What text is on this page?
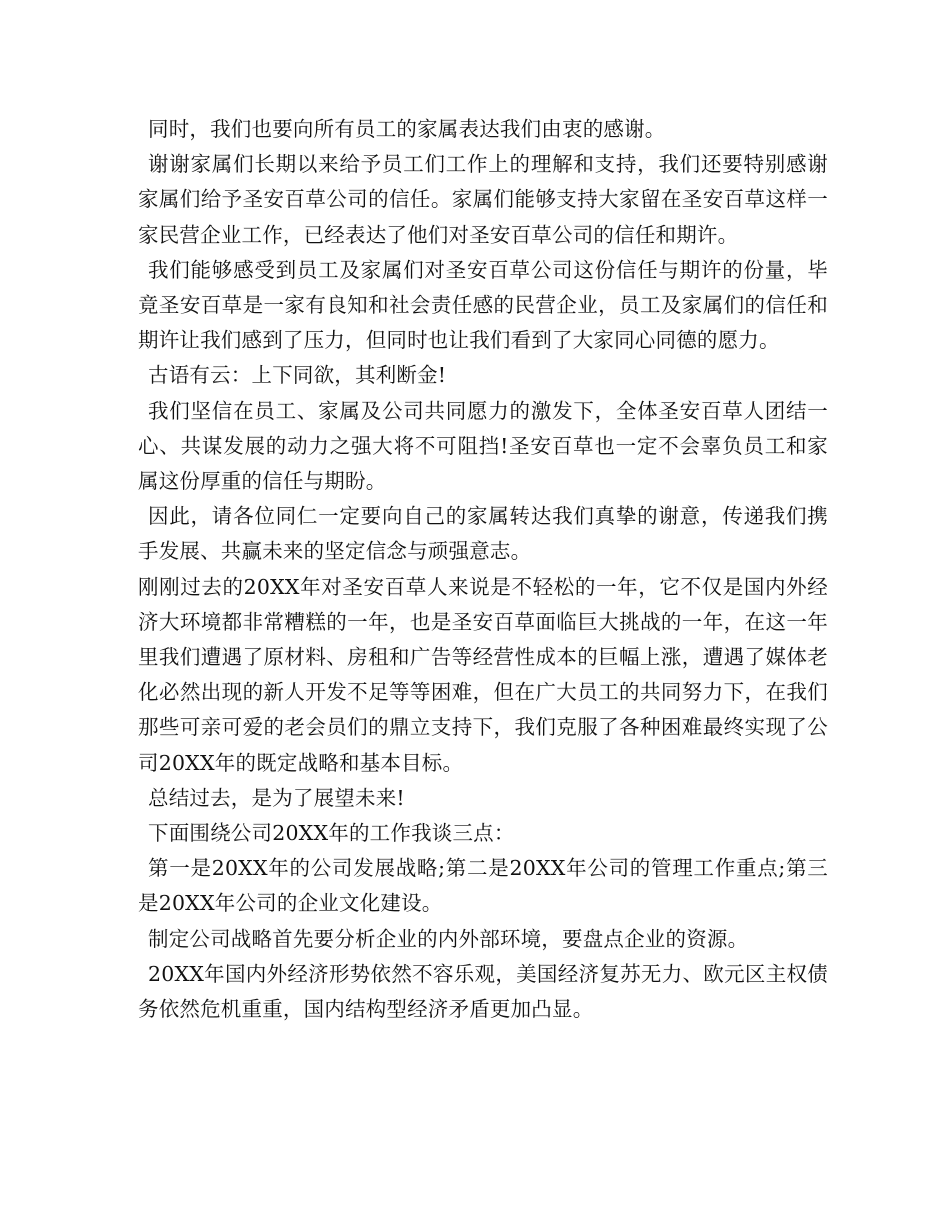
同时，我们也要向所有员工的家属表达我们由衷的感谢。

谢谢家属们长期以来给予员工们工作上的理解和支持，我们还要特别感谢家属们给予圣安百草公司的信任。家属们能够支持大家留在圣安百草这样一家民营企业工作，已经表达了他们对圣安百草公司的信任和期许。

我们能够感受到员工及家属们对圣安百草公司这份信任与期许的份量，毕竟圣安百草是一家有良知和社会责任感的民营企业，员工及家属们的信任和期许让我们感到了压力，但同时也让我们看到了大家同心同德的愿力。

古语有云：上下同欲，其利断金!

我们坚信在员工、家属及公司共同愿力的激发下，全体圣安百草人团结一心、共谋发展的动力之强大将不可阻挡!圣安百草也一定不会辜负员工和家属这份厚重的信任与期盼。

因此，请各位同仁一定要向自己的家属转达我们真挚的谢意，传递我们携手发展、共赢未来的坚定信念与顽强意志。

刚刚过去的20XX年对圣安百草人来说是不轻松的一年，它不仅是国内外经济大环境都非常糟糕的一年，也是圣安百草面临巨大挑战的一年，在这一年里我们遭遇了原材料、房租和广告等经营性成本的巨幅上涨，遭遇了媒体老化必然出现的新人开发不足等等困难，但在广大员工的共同努力下，在我们那些可亲可爱的老会员们的鼎立支持下，我们克服了各种困难最终实现了公司20XX年的既定战略和基本目标。

总结过去，是为了展望未来!

下面围绕公司20XX年的工作我谈三点：

第一是20XX年的公司发展战略;第二是20XX年公司的管理工作重点;第三是20XX年公司的企业文化建设。

制定公司战略首先要分析企业的内外部环境，要盘点企业的资源。

20XX年国内外经济形势依然不容乐观，美国经济复苏无力、欧元区主权债务依然危机重重，国内结构型经济矛盾更加凸显。
